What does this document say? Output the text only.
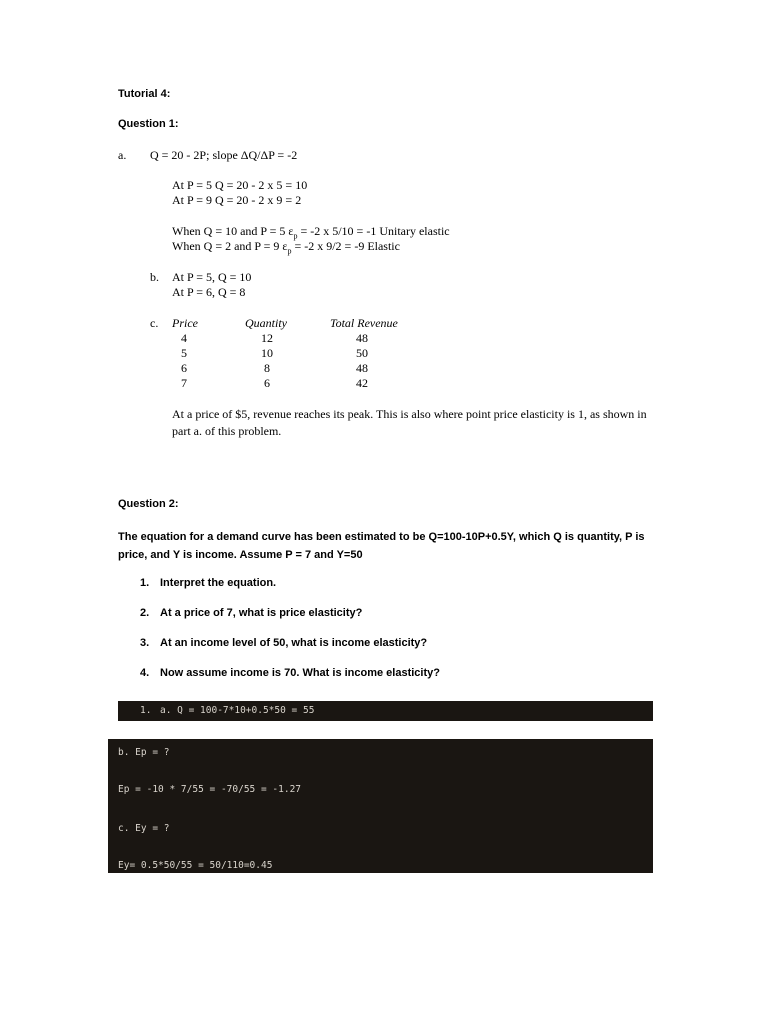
Tutorial 4:
Question 1:
a. Q = 20 - 2P; slope ΔQ/ΔP = -2
At P = 5 Q = 20 - 2 x 5 = 10
At P = 9 Q = 20 - 2 x 9 = 2
When Q = 10 and P = 5 $\varepsilon_p = -2$ x 5/10 = -1 Unitary elastic
When Q = 2 and P = 9 $\varepsilon_p = -2$ x 9/2 = -9 Elastic
b. At P = 5, Q = 10
At P = 6, Q = 8
c. Price	Quantity	Total Revenue
4	12	48
5	10	50
6	8	48
7	6	42
At a price of $5, revenue reaches its peak. This is also where point price elasticity is 1, as shown in part a. of this problem.
Question 2:
The equation for a demand curve has been estimated to be Q=100-10P+0.5Y, which Q is quantity, P is price, and Y is income. Assume P = 7 and Y=50
1. Interpret the equation.
2. At a price of 7, what is price elasticity?
3. At an income level of 50, what is income elasticity?
4. Now assume income is 70. What is income elasticity?
1. a. Q = 100-7*10+0.5*50 = 55
b. Ep = ?
Ep = -10 * 7/55 = -70/55 = -1.27
c. Ey = ?
Ey= 0.5*50/55 = 50/110=0.45
